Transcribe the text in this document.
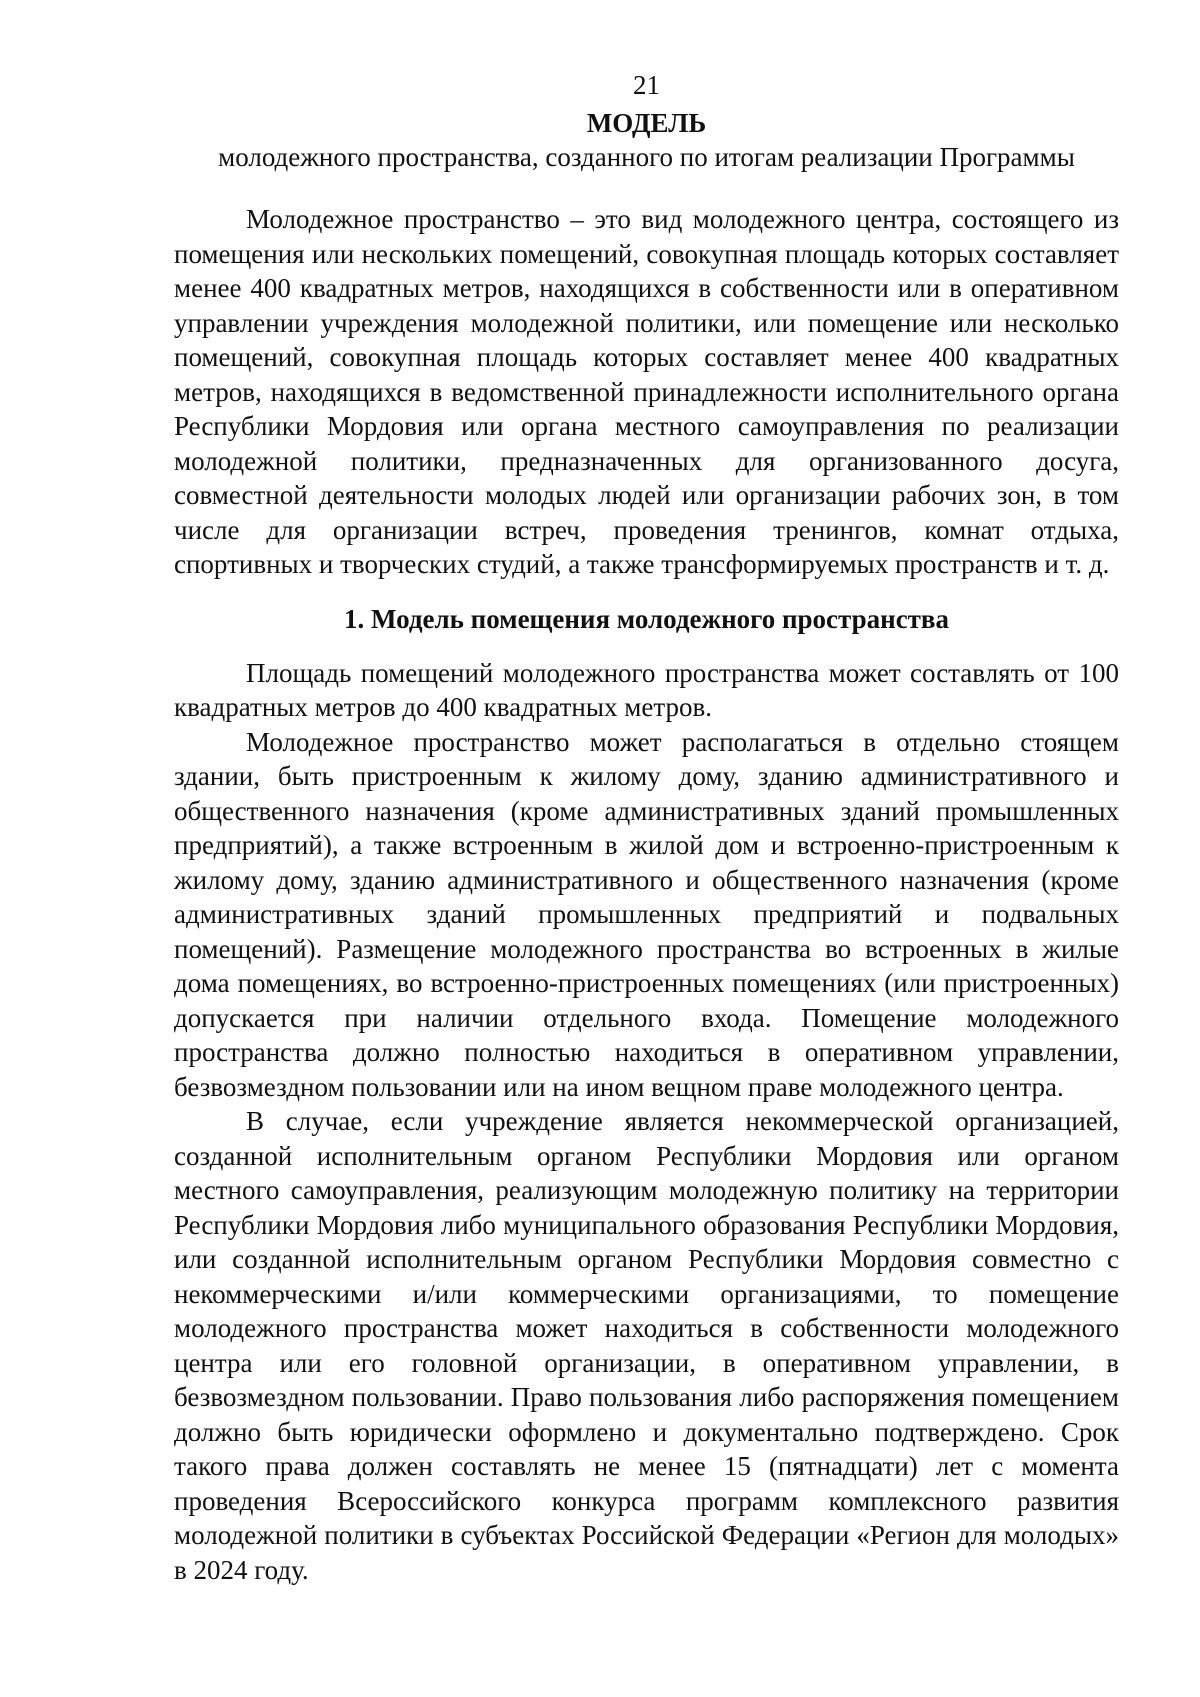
21

МОДЕЛЬ

молодежного пространства, созданного по итогам реализации Программы

Молодежное пространство – это вид молодежного центра, состоящего из помещения или нескольких помещений, совокупная площадь которых составляет менее 400 квадратных метров, находящихся в собственности или в оперативном управлении учреждения молодежной политики, или помещение или несколько помещений, совокупная площадь которых составляет менее 400 квадратных метров, находящихся в ведомственной принадлежности исполнительного органа Республики Мордовия или органа местного самоуправления по реализации молодежной политики, предназначенных для организованного досуга, совместной деятельности молодых людей или организации рабочих зон, в том числе для организации встреч, проведения тренингов, комнат отдыха, спортивных и творческих студий, а также трансформируемых пространств и т. д.

1. Модель помещения молодежного пространства

Площадь помещений молодежного пространства может составлять от 100 квадратных метров до 400 квадратных метров.

Молодежное пространство может располагаться в отдельно стоящем здании, быть пристроенным к жилому дому, зданию административного и общественного назначения (кроме административных зданий промышленных предприятий), а также встроенным в жилой дом и встроенно-пристроенным к жилому дому, зданию административного и общественного назначения (кроме административных зданий промышленных предприятий и подвальных помещений). Размещение молодежного пространства во встроенных в жилые дома помещениях, во встроенно-пристроенных помещениях (или пристроенных) допускается при наличии отдельного входа. Помещение молодежного пространства должно полностью находиться в оперативном управлении, безвозмездном пользовании или на ином вещном праве молодежного центра.

В случае, если учреждение является некоммерческой организацией, созданной исполнительным органом Республики Мордовия или органом местного самоуправления, реализующим молодежную политику на территории Республики Мордовия либо муниципального образования Республики Мордовия, или созданной исполнительным органом Республики Мордовия совместно с некоммерческими и/или коммерческими организациями, то помещение молодежного пространства может находиться в собственности молодежного центра или его головной организации, в оперативном управлении, в безвозмездном пользовании. Право пользования либо распоряжения помещением должно быть юридически оформлено и документально подтверждено. Срок такого права должен составлять не менее 15 (пятнадцати) лет с момента проведения Всероссийского конкурса программ комплексного развития молодежной политики в субъектах Российской Федерации «Регион для молодых» в 2024 году.
